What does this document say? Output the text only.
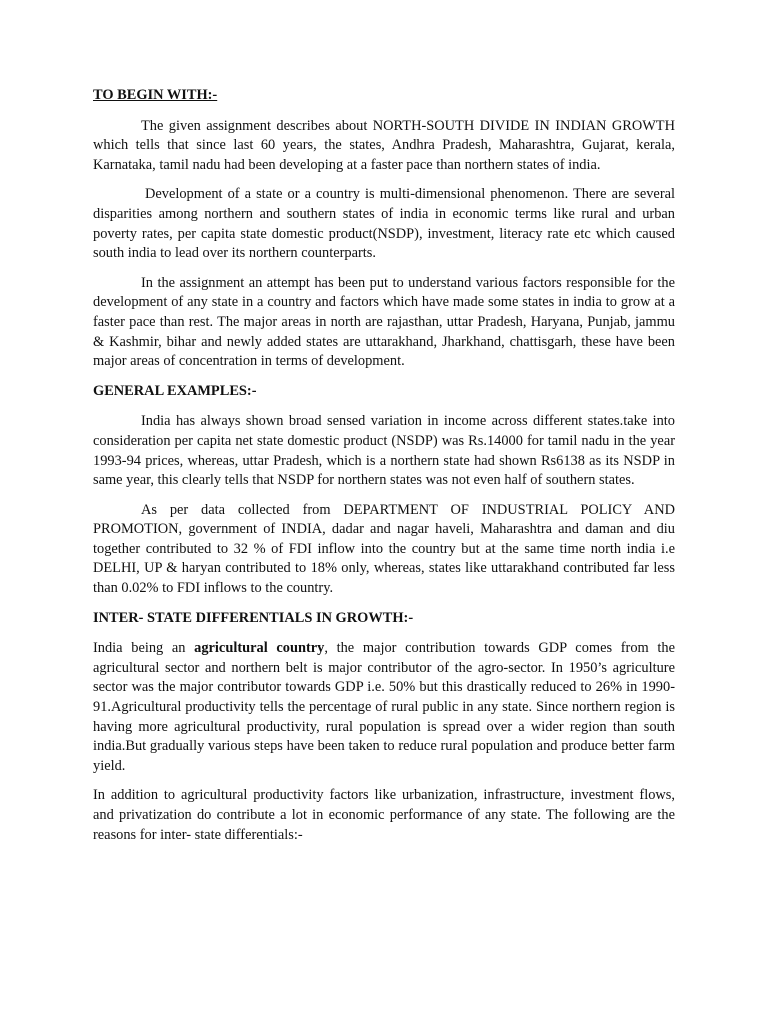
TO BEGIN WITH:-

The given assignment describes about NORTH-SOUTH DIVIDE IN INDIAN GROWTH which tells that since last 60 years, the states, Andhra Pradesh, Maharashtra, Gujarat, kerala, Karnataka, tamil nadu had been developing at a faster pace than northern states of india.

Development of a state or a country is multi-dimensional phenomenon. There are several disparities among northern and southern states of india in economic terms like rural and urban poverty rates, per capita state domestic product(NSDP), investment, literacy rate etc which caused south india to lead over its northern counterparts.

In the assignment an attempt has been put to understand various factors responsible for the development of any state in a country and factors which have made some states in india to grow at a faster pace than rest. The major areas in north are rajasthan, uttar Pradesh, Haryana, Punjab, jammu & Kashmir, bihar and newly added states are uttarakhand, Jharkhand, chattisgarh, these have been major areas of concentration in terms of development.

GENERAL EXAMPLES:-

India has always shown broad sensed variation in income across different states.take into consideration per capita net state domestic product (NSDP) was Rs.14000 for tamil nadu in the year 1993-94 prices, whereas, uttar Pradesh, which is a northern state had shown Rs6138 as its NSDP in same year, this clearly tells that NSDP for northern states was not even half of southern states.

As per data collected from DEPARTMENT OF INDUSTRIAL POLICY AND PROMOTION, government of INDIA, dadar and nagar haveli, Maharashtra and daman and diu together contributed to 32 % of FDI inflow into the country but at the same time north india i.e DELHI, UP & haryan contributed to 18% only, whereas, states like uttarakhand contributed far less than 0.02% to FDI inflows to the country.

INTER- STATE DIFFERENTIALS IN GROWTH:-

India being an agricultural country, the major contribution towards GDP comes from the agricultural sector and northern belt is major contributor of the agro-sector. In 1950’s agriculture sector was the major contributor towards GDP i.e. 50% but this drastically reduced to 26% in 1990-91.Agricultural productivity tells the percentage of rural public in any state. Since northern region is having more agricultural productivity, rural population is spread over a wider region than south india.But gradually various steps have been taken to reduce rural population and produce better farm yield.

In addition to agricultural productivity factors like urbanization, infrastructure, investment flows, and privatization do contribute a lot in economic performance of any state. The following are the reasons for inter- state differentials:-
